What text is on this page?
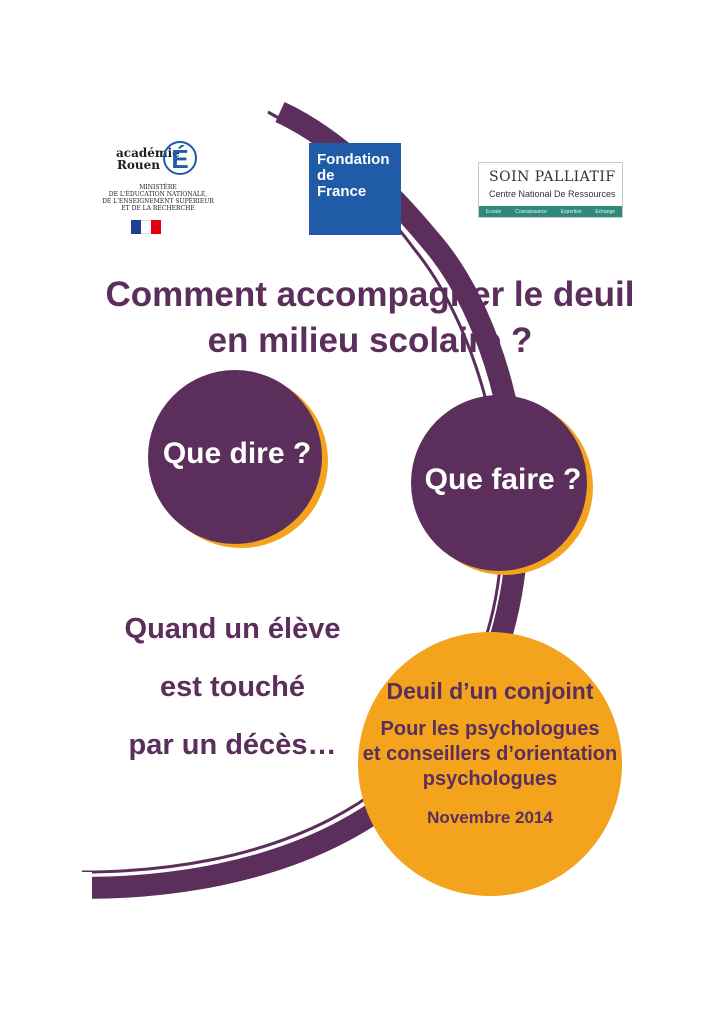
académie
Rouen É
MINISTÈRE
DE L'ÉDUCATION NATIONALE,
DE L'ENSEIGNEMENT SUPÉRIEUR
ET DE LA RECHERCHE
Fondation
de
France
SOIN PALLIATIF
Centre National De Ressources
Ecoute	Connaissance	Expertise	Echange
Comment accompagner le deuil
en milieu scolaire ?
Que dire ?
Que faire ?
Quand un élève
est touché
par un décès…
Deuil d’un conjoint
Pour les psychologues
et conseillers d’orientation
psychologues
Novembre 2014
